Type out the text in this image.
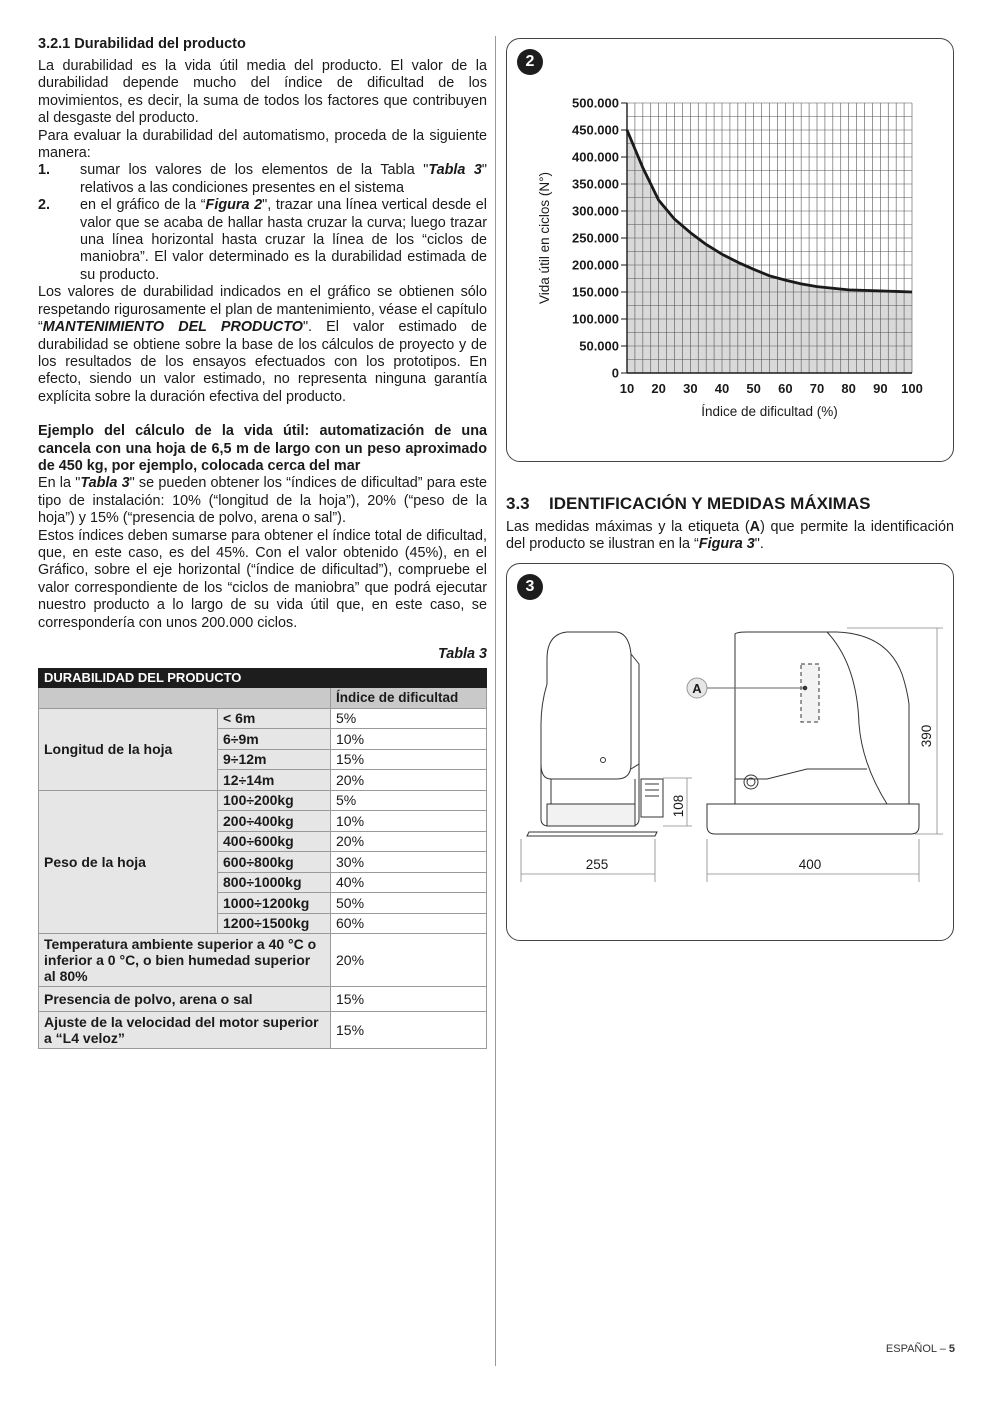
3.2.1 Durabilidad del producto

La durabilidad es la vida útil media del producto. El valor de la durabilidad depende mucho del índice de dificultad de los movimientos, es decir, la suma de todos los factores que contribuyen al desgaste del producto.

Para evaluar la durabilidad del automatismo, proceda de la siguiente manera:

1.	sumar los valores de los elementos de la Tabla "Tabla 3" relativos a las condiciones presentes en el sistema
2.	en el gráfico de la “Figura 2", trazar una línea vertical desde el valor que se acaba de hallar hasta cruzar la curva; luego trazar una línea horizontal hasta cruzar la línea de los “ciclos de maniobra”. El valor determinado es la durabilidad estimada de su producto.

Los valores de durabilidad indicados en el gráfico se obtienen sólo respetando rigurosamente el plan de mantenimiento, véase el capítulo “MANTENIMIENTO DEL PRODUCTO". El valor estimado de durabilidad se obtiene sobre la base de los cálculos de proyecto y de los resultados de los ensayos efectuados con los prototipos. En efecto, siendo un valor estimado, no representa ninguna garantía explícita sobre la duración efectiva del producto.

Ejemplo del cálculo de la vida útil: automatización de una cancela con una hoja de 6,5 m de largo con un peso aproximado de 450 kg, por ejemplo, colocada cerca del mar

En la "Tabla 3" se pueden obtener los “índices de dificultad” para este tipo de instalación: 10% (“longitud de la hoja”), 20% (“peso de la hoja”) y 15% (“presencia de polvo, arena o sal”).

Estos índices deben sumarse para obtener el índice total de dificultad, que, en este caso, es del 45%. Con el valor obtenido (45%), en el Gráfico, sobre el eje horizontal (“índice de dificultad”), compruebe el valor correspondiente de los “ciclos de maniobra” que podrá ejecutar nuestro producto a lo largo de su vida útil que, en este caso, se correspondería con unos 200.000 ciclos.

Tabla 3
DURABILIDAD DEL PRODUCTO		
		Índice de dificultad
Longitud de la hoja	< 6m	5%
	6÷9m	10%
	9÷12m	15%
	12÷14m	20%
Peso de la hoja	100÷200kg	5%
	200÷400kg	10%
	400÷600kg	20%
	600÷800kg	30%
	800÷1000kg	40%
	1000÷1200kg	50%
	1200÷1500kg	60%
Temperatura ambiente superior a 40 °C o inferior a 0 °C, o bien humedad superior al 80%		20%
Presencia de polvo, arena o sal		15%
Ajuste de la velocidad del motor superior a “L4 veloz”		15%
2
0
50.000
100.000
150.000
200.000
250.000
300.000
350.000
400.000
450.000
500.000
10 20 30 40 50 60 70 80 90 100
Índice de dificultad (%)
Vida útil en ciclos (N°)
3.3	IDENTIFICACIÓN Y MEDIDAS MÁXIMAS

Las medidas máximas y la etiqueta (A) que permite la identificación del producto se ilustran en la “Figura 3".

3
A
255	400
390
108
ESPAÑOL – 5
